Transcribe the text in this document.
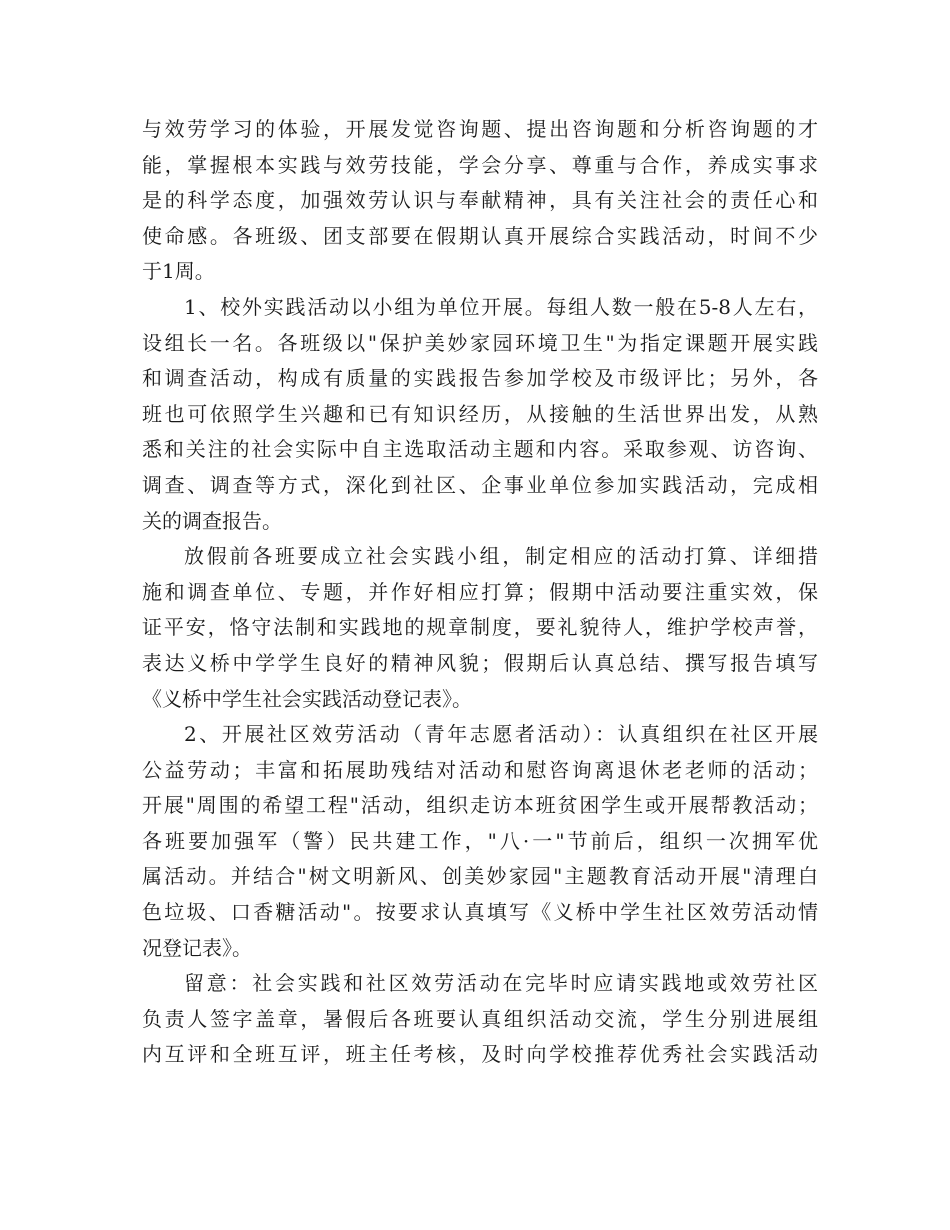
与效劳学习的体验，开展发觉咨询题、提出咨询题和分析咨询题的才
能，掌握根本实践与效劳技能，学会分享、尊重与合作，养成实事求
是的科学态度，加强效劳认识与奉献精神，具有关注社会的责任心和
使命感。各班级、团支部要在假期认真开展综合实践活动，时间不少
于1周。
1、校外实践活动以小组为单位开展。每组人数一般在5-8人左右，
设组长一名。各班级以"保护美妙家园环境卫生"为指定课题开展实践
和调查活动，构成有质量的实践报告参加学校及市级评比；另外，各
班也可依照学生兴趣和已有知识经历，从接触的生活世界出发，从熟
悉和关注的社会实际中自主选取活动主题和内容。采取参观、访咨询、
调查、调查等方式，深化到社区、企事业单位参加实践活动，完成相
关的调查报告。
放假前各班要成立社会实践小组，制定相应的活动打算、详细措
施和调查单位、专题，并作好相应打算；假期中活动要注重实效，保
证平安，恪守法制和实践地的规章制度，要礼貌待人，维护学校声誉，
表达义桥中学学生良好的精神风貌；假期后认真总结、撰写报告填写
《义桥中学生社会实践活动登记表》。
2、开展社区效劳活动（青年志愿者活动）：认真组织在社区开展
公益劳动；丰富和拓展助残结对活动和慰咨询离退休老老师的活动；
开展"周围的希望工程"活动，组织走访本班贫困学生或开展帮教活动；
各班要加强军（警）民共建工作，"八·一"节前后，组织一次拥军优
属活动。并结合"树文明新风、创美妙家园"主题教育活动开展"清理白
色垃圾、口香糖活动"。按要求认真填写《义桥中学生社区效劳活动情
况登记表》。
留意：社会实践和社区效劳活动在完毕时应请实践地或效劳社区
负责人签字盖章，暑假后各班要认真组织活动交流，学生分别进展组
内互评和全班互评，班主任考核，及时向学校推荐优秀社会实践活动
